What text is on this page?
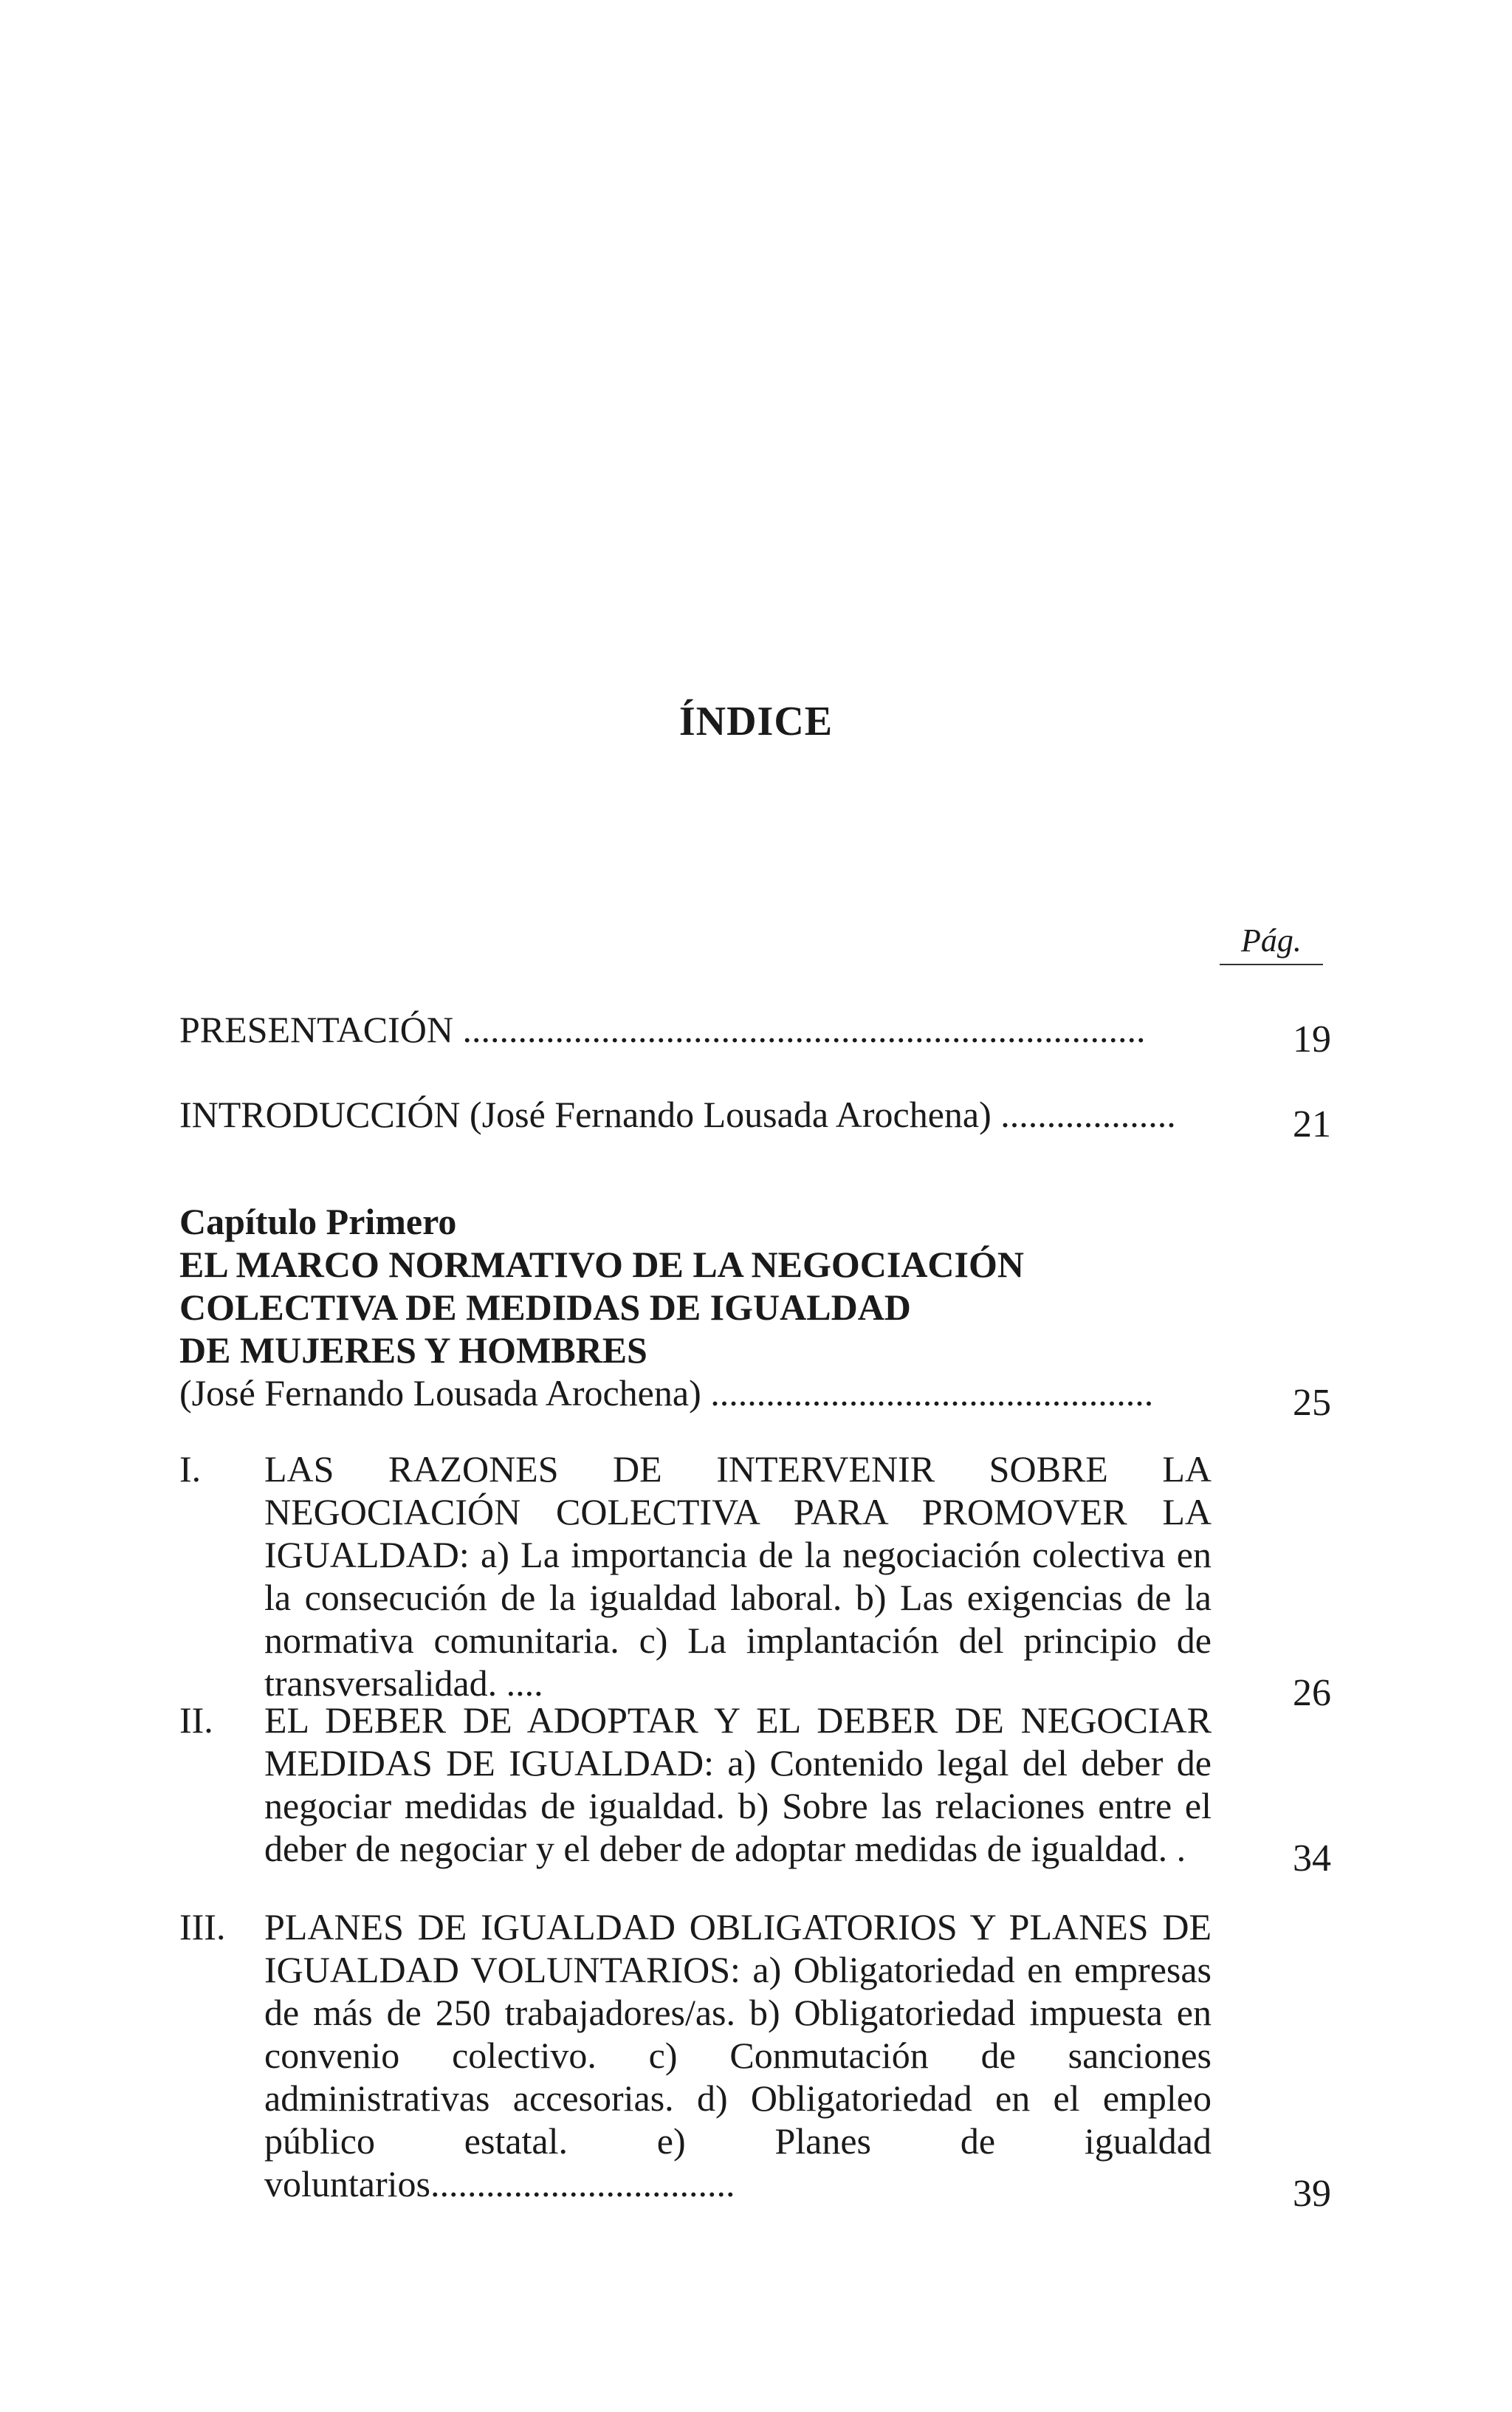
ÍNDICE
Pág.
PRESENTACIÓN ..........................................................................	19
INTRODUCCIÓN (José Fernando Lousada Arochena) ...................	21
Capítulo Primero
EL MARCO NORMATIVO DE LA NEGOCIACIÓN
COLECTIVA DE MEDIDAS DE IGUALDAD
DE MUJERES Y HOMBRES
(José Fernando Lousada Arochena) ................................................	25
I. LAS RAZONES DE INTERVENIR SOBRE LA NEGOCIACIÓN COLECTIVA PARA PROMOVER LA IGUALDAD: a) La importancia de la negociación colectiva en la consecución de la igualdad laboral. b) Las exigencias de la normativa comunitaria. c) La implantación del principio de transversalidad. ....	26
II. EL DEBER DE ADOPTAR Y EL DEBER DE NEGOCIAR MEDIDAS DE IGUALDAD: a) Contenido legal del deber de negociar medidas de igualdad. b) Sobre las relaciones entre el deber de negociar y el deber de adoptar medidas de igualdad. .	34
III. PLANES DE IGUALDAD OBLIGATORIOS Y PLANES DE IGUALDAD VOLUNTARIOS: a) Obligatoriedad en empresas de más de 250 trabajadores/as. b) Obligatoriedad impuesta en convenio colectivo. c) Conmutación de sanciones administrativas accesorias. d) Obligatoriedad en el empleo público estatal. e) Planes de igualdad voluntarios.................................	39
